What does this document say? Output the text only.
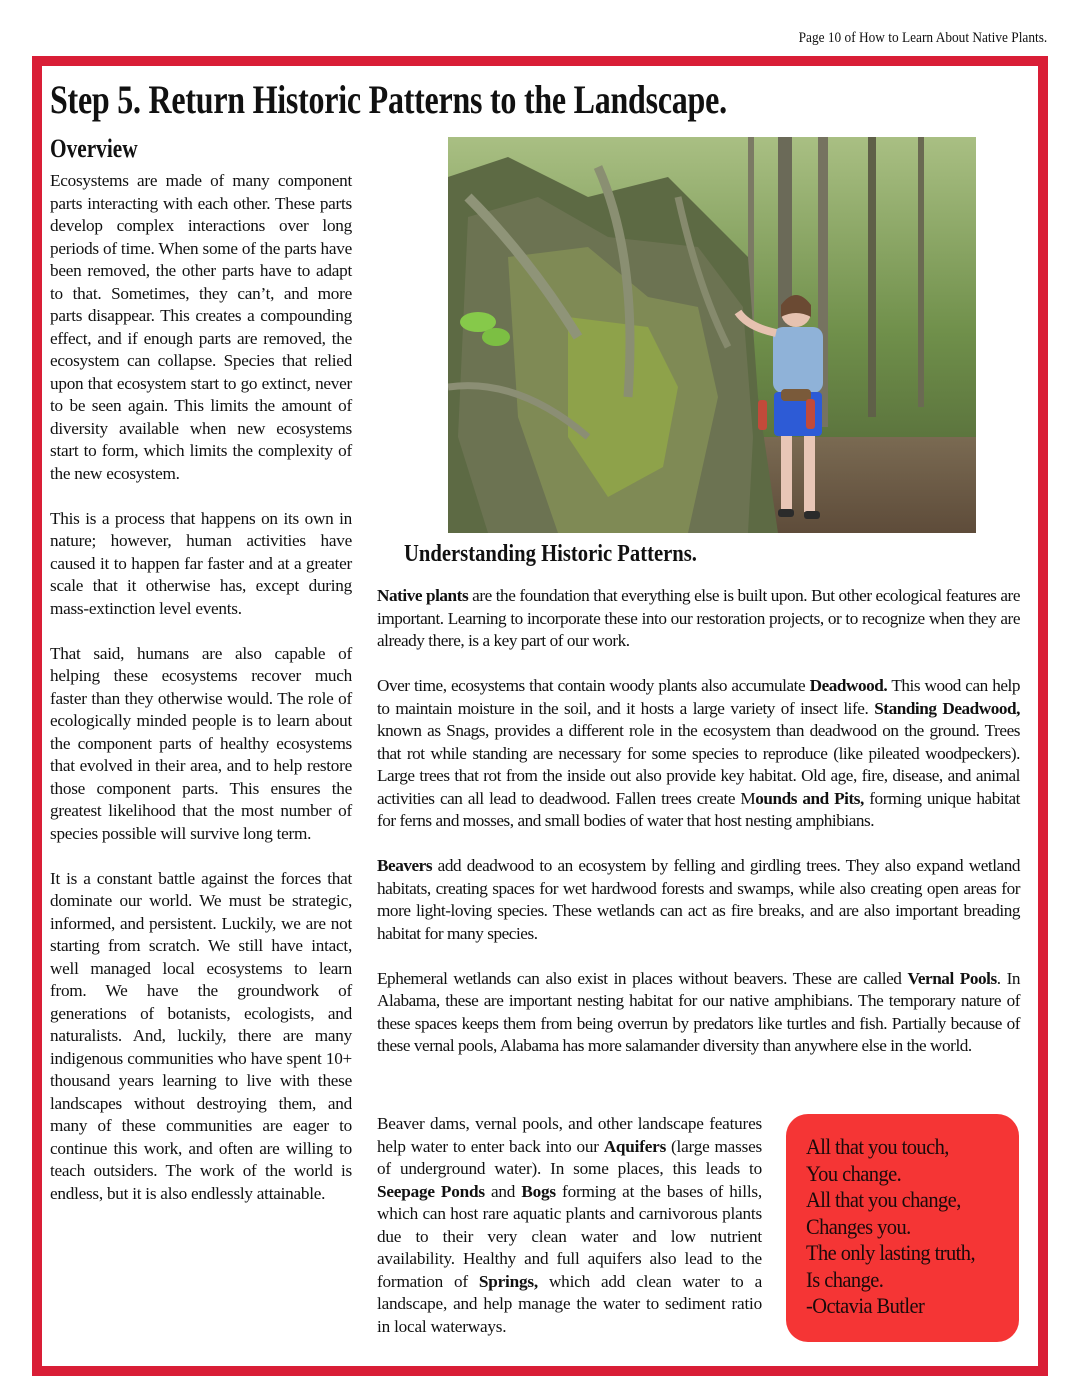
Page 10 of How to Learn About Native Plants.
Step 5. Return Historic Patterns to the Landscape.
Overview

Ecosystems are made of many component parts interacting with each other. These parts develop complex interactions over long periods of time. When some of the parts have been removed, the other parts have to adapt to that. Sometimes, they can’t, and more parts disappear. This creates a compounding effect, and if enough parts are removed, the ecosystem can collapse. Species that relied upon that ecosystem start to go extinct, never to be seen again. This limits the amount of diversity available when new ecosystems start to form, which limits the complexity of the new ecosystem.

This is a process that happens on its own in nature; however, human activities have caused it to happen far faster and at a greater scale that it otherwise has, except during mass-extinction level events.

That said, humans are also capable of helping these ecosystems recover much faster than they otherwise would. The role of ecologically minded people is to learn about the component parts of healthy ecosystems that evolved in their area, and to help restore those component parts. This ensures the greatest likelihood that the most number of species possible will survive long term.

It is a constant battle against the forces that dominate our world. We must be strategic, informed, and persistent. Luckily, we are not starting from scratch. We still have intact, well managed local ecosystems to learn from. We have the groundwork of generations of botanists, ecologists, and naturalists. And, luckily, there are many indigenous communities who have spent 10+ thousand years learning to live with these landscapes without destroying them, and many of these communities are eager to continue this work, and often are willing to teach outsiders. The work of the world is endless, but it is also endlessly attainable.

Understanding Historic Patterns.

Native plants are the foundation that everything else is built upon. But other ecological features are important. Learning to incorporate these into our restoration projects, or to recognize when they are already there, is a key part of our work.

Over time, ecosystems that contain woody plants also accumulate Deadwood. This wood can help to maintain moisture in the soil, and it hosts a large variety of insect life. Standing Deadwood, known as Snags, provides a different role in the ecosystem than deadwood on the ground. Trees that rot while standing are necessary for some species to reproduce (like pileated woodpeckers). Large trees that rot from the inside out also provide key habitat. Old age, fire, disease, and animal activities can all lead to deadwood. Fallen trees create Mounds and Pits, forming unique habitat for ferns and mosses, and small bodies of water that host nesting amphibians.

Beavers add deadwood to an ecosystem by felling and girdling trees. They also expand wetland habitats, creating spaces for wet hardwood forests and swamps, while also creating open areas for more light-loving species. These wetlands can act as fire breaks, and are also important breading habitat for many species.

Ephemeral wetlands can also exist in places without beavers. These are called Vernal Pools. In Alabama, these are important nesting habitat for our native amphibians. The temporary nature of these spaces keeps them from being overrun by predators like turtles and fish. Partially because of these vernal pools, Alabama has more salamander diversity than anywhere else in the world.

Beaver dams, vernal pools, and other landscape features help water to enter back into our Aquifers (large masses of underground water). In some places, this leads to Seepage Ponds and Bogs forming at the bases of hills, which can host rare aquatic plants and carnivorous plants due to their very clean water and low nutrient availability. Healthy and full aquifers also lead to the formation of Springs, which add clean water to a landscape, and help manage the water to sediment ratio in local waterways.

All that you touch,
You change.
All that you change,
Changes you.
The only lasting truth,
Is change.
-Octavia Butler
